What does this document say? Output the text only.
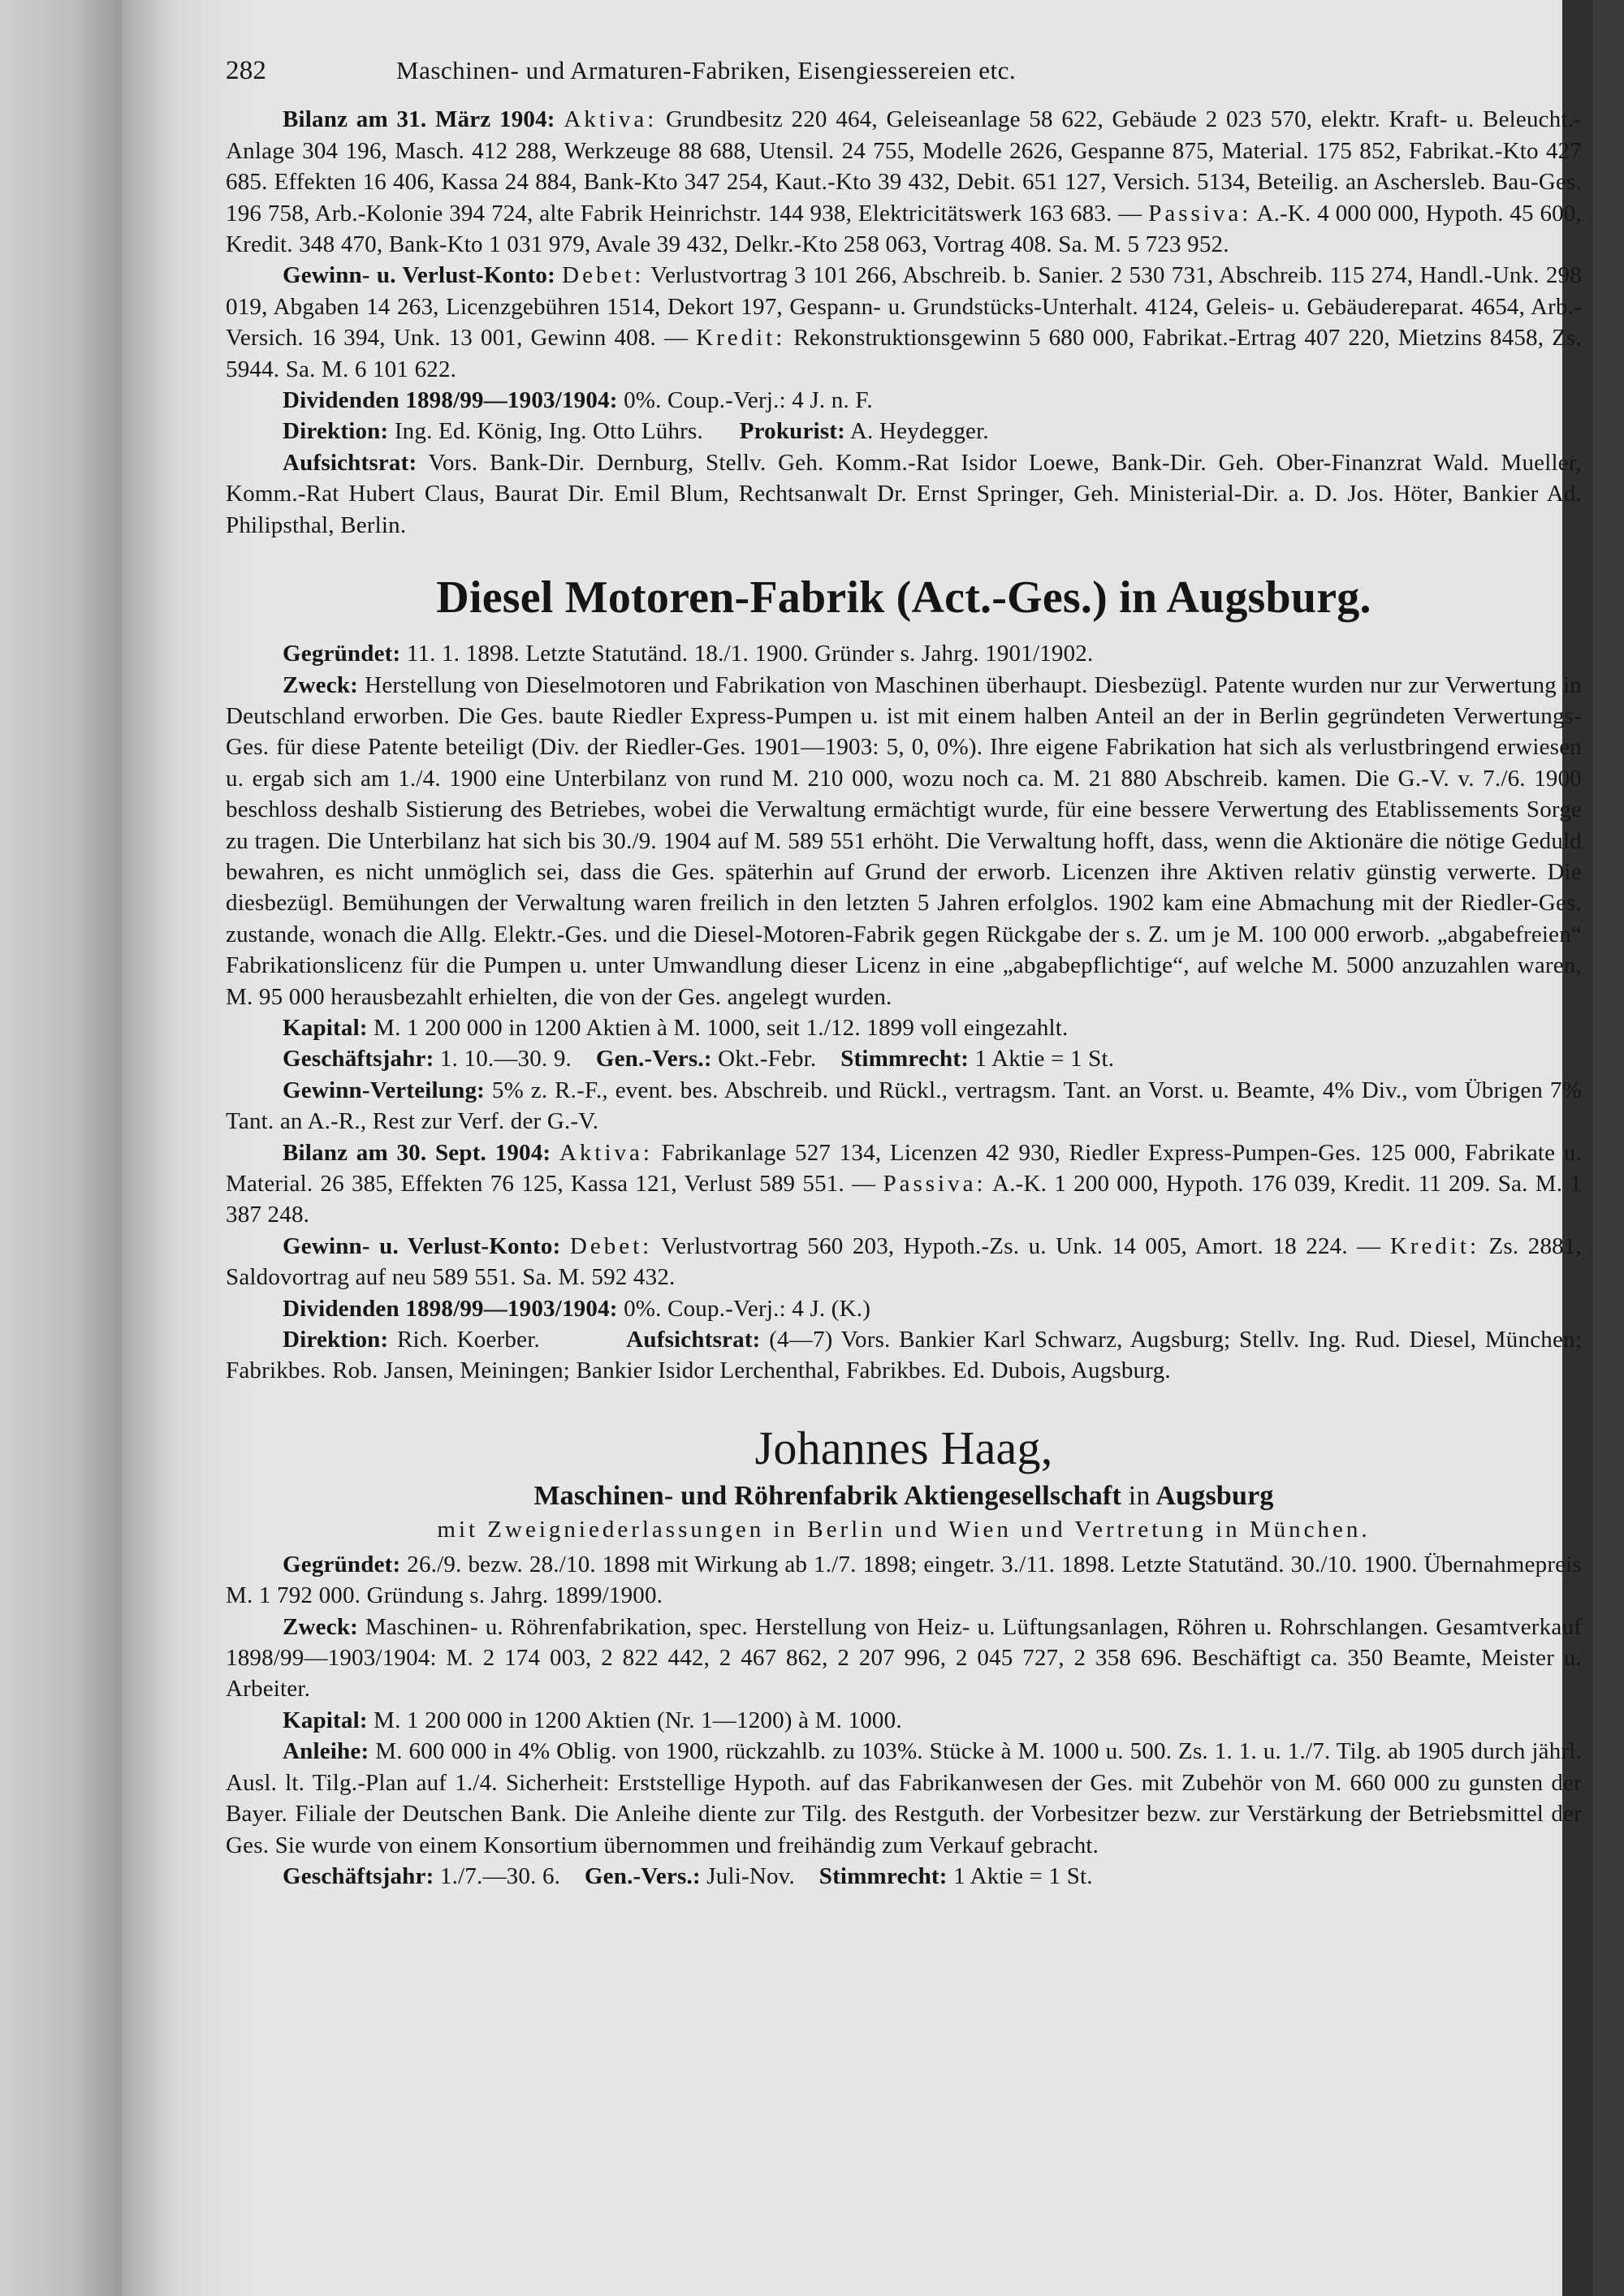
282	Maschinen- und Armaturen-Fabriken, Eisengiessereien etc.

Bilanz am 31. März 1904: Aktiva: Grundbesitz 220 464, Geleiseanlage 58 622, Gebäude 2 023 570, elektr. Kraft- u. Beleucht.-Anlage 304 196, Masch. 412 288, Werkzeuge 88 688, Utensil. 24 755, Modelle 2626, Gespanne 875, Material. 175 852, Fabrikat.-Kto 427 685. Effekten 16 406, Kassa 24 884, Bank-Kto 347 254, Kaut.-Kto 39 432, Debit. 651 127, Versich. 5134, Beteilig. an Aschersleb. Bau-Ges. 196 758, Arb.-Kolonie 394 724, alte Fabrik Heinrichstr. 144 938, Elektricitätswerk 163 683. — Passiva: A.-K. 4 000 000, Hypoth. 45 600, Kredit. 348 470, Bank-Kto 1 031 979, Avale 39 432, Delkr.-Kto 258 063, Vortrag 408. Sa. M. 5 723 952.

Gewinn- u. Verlust-Konto: Debet: Verlustvortrag 3 101 266, Abschreib. b. Sanier. 2 530 731, Abschreib. 115 274, Handl.-Unk. 298 019, Abgaben 14 263, Licenzgebühren 1514, Dekort 197, Gespann- u. Grundstücks-Unterhalt. 4124, Geleis- u. Gebäudereparat. 4654, Arb.-Versich. 16 394, Unk. 13 001, Gewinn 408. — Kredit: Rekonstruktionsgewinn 5 680 000, Fabrikat.-Ertrag 407 220, Mietzins 8458, Zs. 5944. Sa. M. 6 101 622.

Dividenden 1898/99—1903/1904: 0%. Coup.-Verj.: 4 J. n. F.

Direktion: Ing. Ed. König, Ing. Otto Lührs. Prokurist: A. Heydegger.

Aufsichtsrat: Vors. Bank-Dir. Dernburg, Stellv. Geh. Komm.-Rat Isidor Loewe, Bank-Dir. Geh. Ober-Finanzrat Wald. Mueller, Komm.-Rat Hubert Claus, Baurat Dir. Emil Blum, Rechtsanwalt Dr. Ernst Springer, Geh. Ministerial-Dir. a. D. Jos. Höter, Bankier Ad. Philipsthal, Berlin.

Diesel Motoren-Fabrik (Act.-Ges.) in Augsburg.

Gegründet: 11. 1. 1898. Letzte Statutänd. 18./1. 1900. Gründer s. Jahrg. 1901/1902.

Zweck: Herstellung von Dieselmotoren und Fabrikation von Maschinen überhaupt. Diesbezügl. Patente wurden nur zur Verwertung in Deutschland erworben. Die Ges. baute Riedler Express-Pumpen u. ist mit einem halben Anteil an der in Berlin gegründeten Verwertungs-Ges. für diese Patente beteiligt (Div. der Riedler-Ges. 1901—1903: 5, 0, 0%). Ihre eigene Fabrikation hat sich als verlustbringend erwiesen u. ergab sich am 1./4. 1900 eine Unterbilanz von rund M. 210 000, wozu noch ca. M. 21 880 Abschreib. kamen. Die G.-V. v. 7./6. 1900 beschloss deshalb Sistierung des Betriebes, wobei die Verwaltung ermächtigt wurde, für eine bessere Verwertung des Etablissements Sorge zu tragen. Die Unterbilanz hat sich bis 30./9. 1904 auf M. 589 551 erhöht. Die Verwaltung hofft, dass, wenn die Aktionäre die nötige Geduld bewahren, es nicht unmöglich sei, dass die Ges. späterhin auf Grund der erworb. Licenzen ihre Aktiven relativ günstig verwerte. Die diesbezügl. Bemühungen der Verwaltung waren freilich in den letzten 5 Jahren erfolglos. 1902 kam eine Abmachung mit der Riedler-Ges. zustande, wonach die Allg. Elektr.-Ges. und die Diesel-Motoren-Fabrik gegen Rückgabe der s. Z. um je M. 100 000 erworb. „abgabefreien“ Fabrikationslicenz für die Pumpen u. unter Umwandlung dieser Licenz in eine „abgabepflichtige“, auf welche M. 5000 anzuzahlen waren, M. 95 000 herausbezahlt erhielten, die von der Ges. angelegt wurden.

Kapital: M. 1 200 000 in 1200 Aktien à M. 1000, seit 1./12. 1899 voll eingezahlt.

Geschäftsjahr: 1. 10.—30. 9. Gen.-Vers.: Okt.-Febr. Stimmrecht: 1 Aktie = 1 St.

Gewinn-Verteilung: 5% z. R.-F., event. bes. Abschreib. und Rückl., vertragsm. Tant. an Vorst. u. Beamte, 4% Div., vom Übrigen 7% Tant. an A.-R., Rest zur Verf. der G.-V.

Bilanz am 30. Sept. 1904: Aktiva: Fabrikanlage 527 134, Licenzen 42 930, Riedler Express-Pumpen-Ges. 125 000, Fabrikate u. Material. 26 385, Effekten 76 125, Kassa 121, Verlust 589 551. — Passiva: A.-K. 1 200 000, Hypoth. 176 039, Kredit. 11 209. Sa. M. 1 387 248.

Gewinn- u. Verlust-Konto: Debet: Verlustvortrag 560 203, Hypoth.-Zs. u. Unk. 14 005, Amort. 18 224. — Kredit: Zs. 2881, Saldovortrag auf neu 589 551. Sa. M. 592 432.

Dividenden 1898/99—1903/1904: 0%. Coup.-Verj.: 4 J. (K.)

Direktion: Rich. Koerber.	Aufsichtsrat: (4—7) Vors. Bankier Karl Schwarz, Augsburg; Stellv. Ing. Rud. Diesel, München; Fabrikbes. Rob. Jansen, Meiningen; Bankier Isidor Lerchenthal, Fabrikbes. Ed. Dubois, Augsburg.

Johannes Haag,
Maschinen- und Röhrenfabrik Aktiengesellschaft in Augsburg
mit Zweigniederlassungen in Berlin und Wien und Vertretung in München.

Gegründet: 26./9. bezw. 28./10. 1898 mit Wirkung ab 1./7. 1898; eingetr. 3./11. 1898. Letzte Statutänd. 30./10. 1900. Übernahmepreis M. 1 792 000. Gründung s. Jahrg. 1899/1900.

Zweck: Maschinen- u. Röhrenfabrikation, spec. Herstellung von Heiz- u. Lüftungsanlagen, Röhren u. Rohrschlangen. Gesamtverkauf 1898/99—1903/1904: M. 2 174 003, 2 822 442, 2 467 862, 2 207 996, 2 045 727, 2 358 696. Beschäftigt ca. 350 Beamte, Meister u. Arbeiter.

Kapital: M. 1 200 000 in 1200 Aktien (Nr. 1—1200) à M. 1000.

Anleihe: M. 600 000 in 4% Oblig. von 1900, rückzahlb. zu 103%. Stücke à M. 1000 u. 500. Zs. 1. 1. u. 1./7. Tilg. ab 1905 durch jährl. Ausl. lt. Tilg.-Plan auf 1./4. Sicherheit: Erststellige Hypoth. auf das Fabrikanwesen der Ges. mit Zubehör von M. 660 000 zu gunsten der Bayer. Filiale der Deutschen Bank. Die Anleihe diente zur Tilg. des Restguth. der Vorbesitzer bezw. zur Verstärkung der Betriebsmittel der Ges. Sie wurde von einem Konsortium übernommen und freihändig zum Verkauf gebracht.

Geschäftsjahr: 1./7.—30. 6. Gen.-Vers.: Juli-Nov. Stimmrecht: 1 Aktie = 1 St.
